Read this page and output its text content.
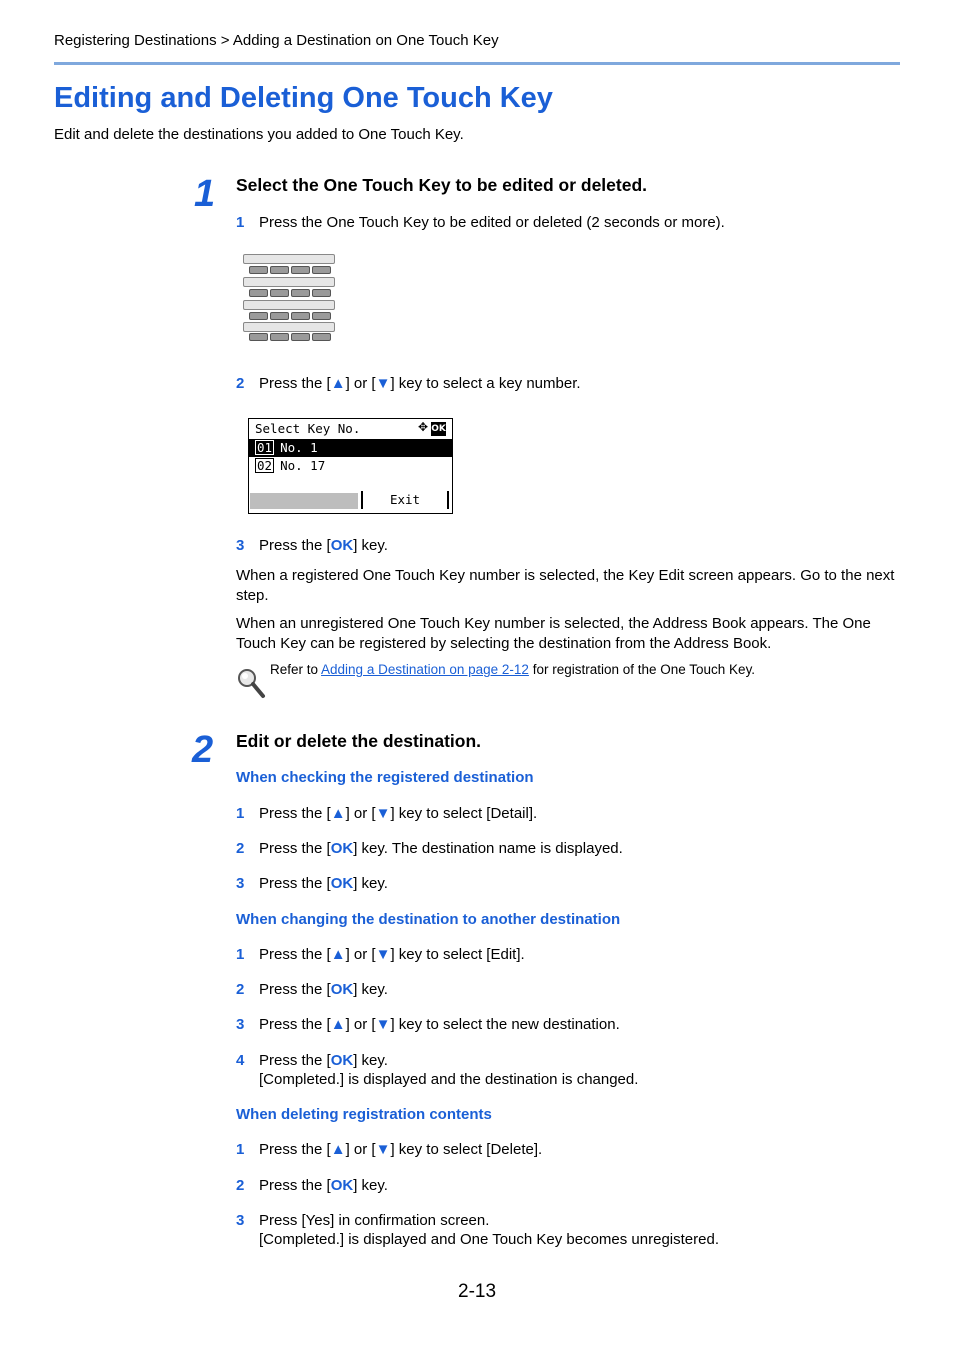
Registering Destinations > Adding a Destination on One Touch Key
Editing and Deleting One Touch Key
Edit and delete the destinations you added to One Touch Key.
1 Select the One Touch Key to be edited or deleted.
1 Press the One Touch Key to be edited or deleted (2 seconds or more).
2 Press the [▲] or [▼] key to select a key number.
Select Key No.	✥ OK
01 No. 1
02 No. 17
Exit
3 Press the [OK] key.
When a registered One Touch Key number is selected, the Key Edit screen appears. Go to the next step.
When an unregistered One Touch Key number is selected, the Address Book appears. The One Touch Key can be registered by selecting the destination from the Address Book.
Refer to Adding a Destination on page 2-12 for registration of the One Touch Key.
2 Edit or delete the destination.
When checking the registered destination
1 Press the [▲] or [▼] key to select [Detail].
2 Press the [OK] key. The destination name is displayed.
3 Press the [OK] key.
When changing the destination to another destination
1 Press the [▲] or [▼] key to select [Edit].
2 Press the [OK] key.
3 Press the [▲] or [▼] key to select the new destination.
4 Press the [OK] key.
[Completed.] is displayed and the destination is changed.
When deleting registration contents
1 Press the [▲] or [▼] key to select [Delete].
2 Press the [OK] key.
3 Press [Yes] in confirmation screen.
[Completed.] is displayed and One Touch Key becomes unregistered.
2-13
